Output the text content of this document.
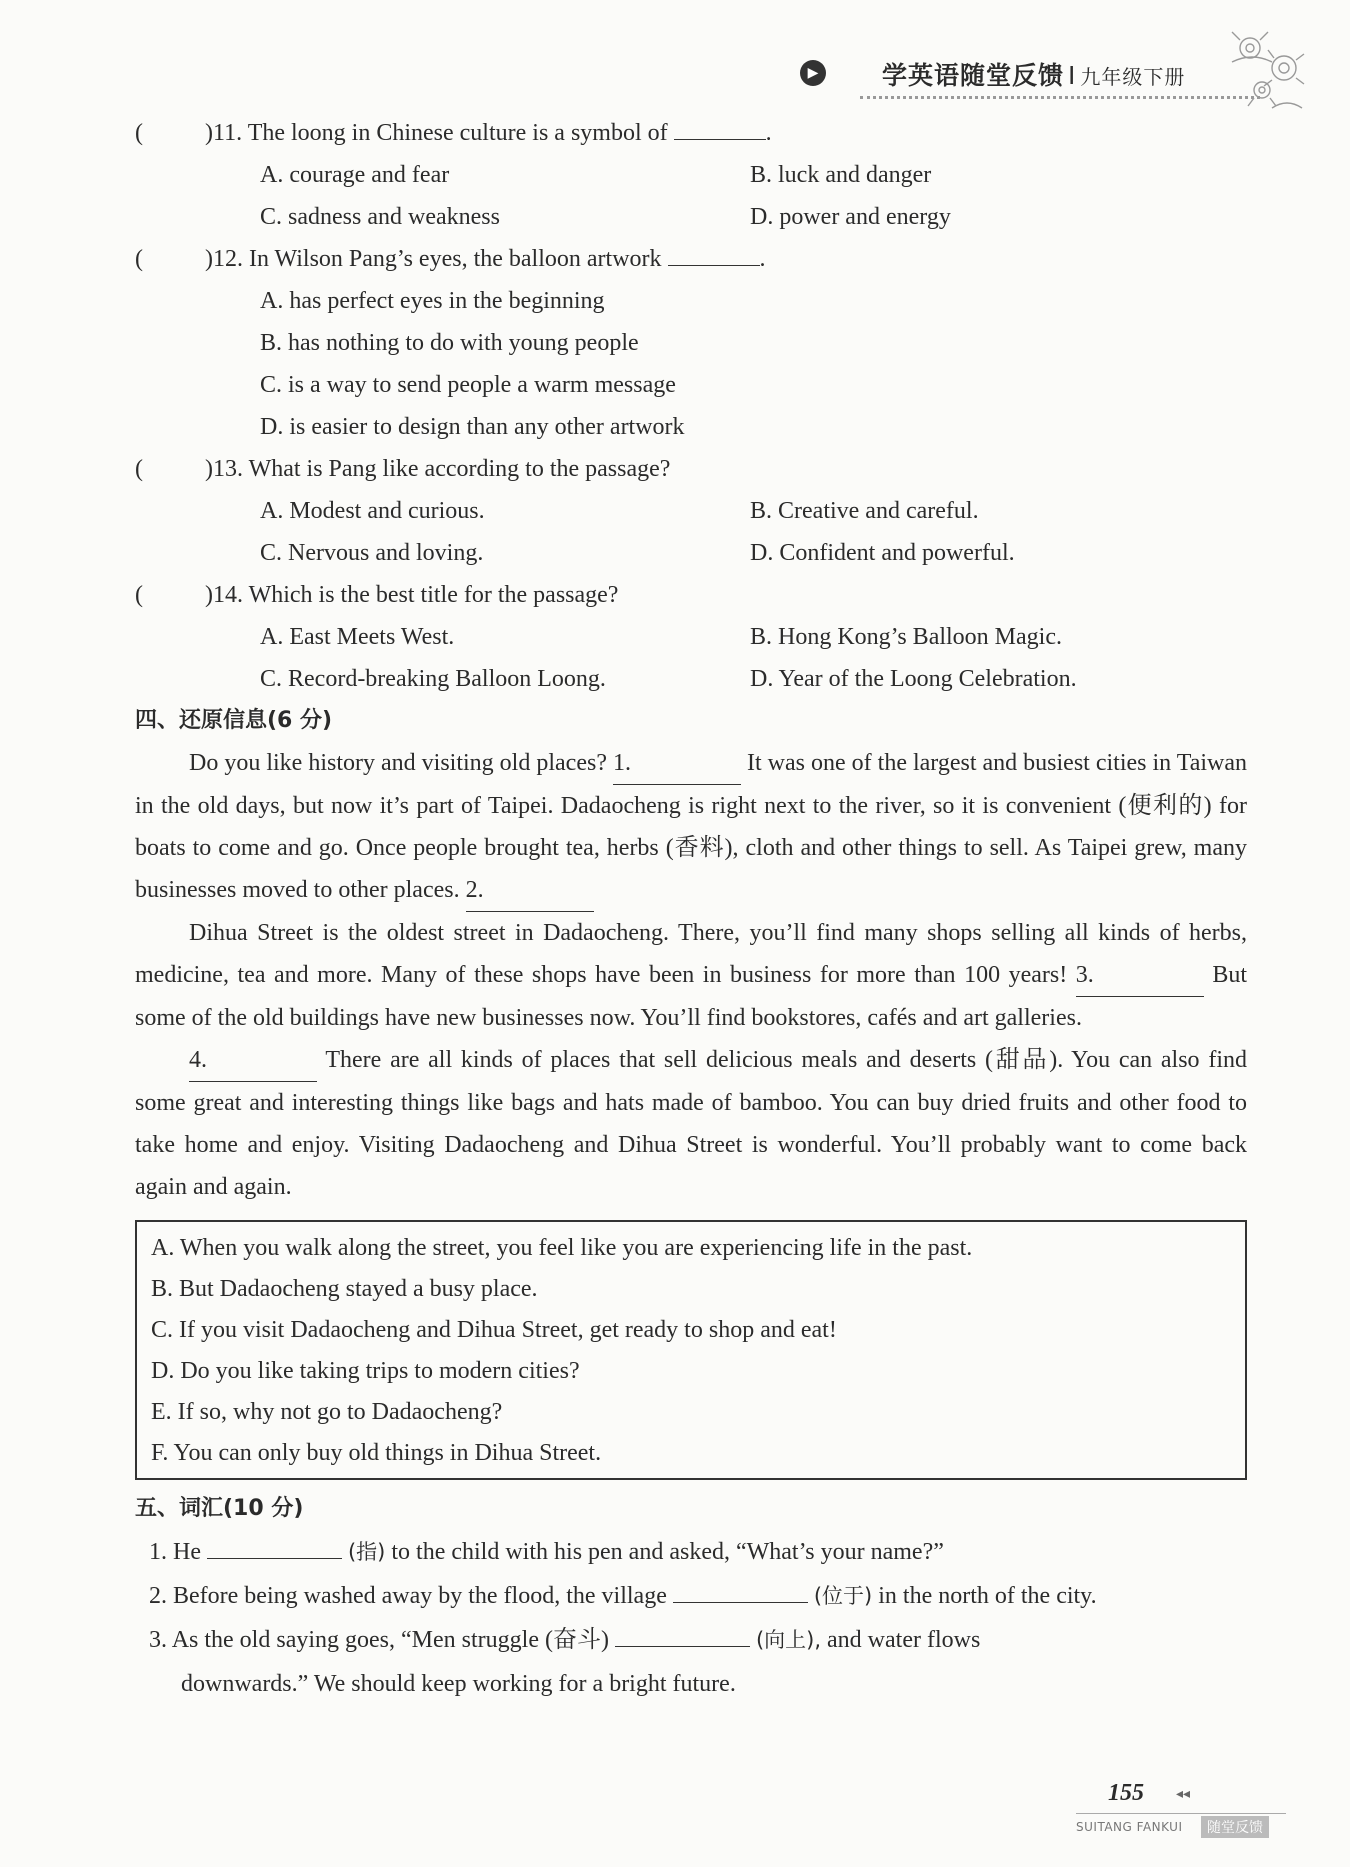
▶	学英语随堂反馈 I 九年级下册
(	)11. The loong in Chinese culture is a symbol of	.
A. courage and fear	B. luck and danger
C. sadness and weakness	D. power and energy
(	)12. In Wilson Pang’s eyes, the balloon artwork	.
A. has perfect eyes in the beginning
B. has nothing to do with young people
C. is a way to send people a warm message
D. is easier to design than any other artwork
(	)13. What is Pang like according to the passage?
A. Modest and curious.	B. Creative and careful.
C. Nervous and loving.	D. Confident and powerful.
(	)14. Which is the best title for the passage?
A. East Meets West.	B. Hong Kong’s Balloon Magic.
C. Record-breaking Balloon Loong.	D. Year of the Loong Celebration.
四、还原信息(6 分)

Do you like history and visiting old places? 1.	It was one of the largest and busiest cities in Taiwan in the old days, but now it’s part of Taipei. Dadaocheng is right next to the river, so it is convenient (便利的) for boats to come and go. Once people brought tea, herbs (香料), cloth and other things to sell. As Taipei grew, many businesses moved to other places. 2.

Dihua Street is the oldest street in Dadaocheng. There, you’ll find many shops selling all kinds of herbs, medicine, tea and more. Many of these shops have been in business for more than 100 years! 3.	But some of the old buildings have new businesses now. You’ll find bookstores, cafés and art galleries.

4.	There are all kinds of places that sell delicious meals and deserts (甜品). You can also find some great and interesting things like bags and hats made of bamboo. You can buy dried fruits and other food to take home and enjoy. Visiting Dadaocheng and Dihua Street is wonderful. You’ll probably want to come back again and again.

A. When you walk along the street, you feel like you are experiencing life in the past.
B. But Dadaocheng stayed a busy place.
C. If you visit Dadaocheng and Dihua Street, get ready to shop and eat!
D. Do you like taking trips to modern cities?
E. If so, why not go to Dadaocheng?
F. You can only buy old things in Dihua Street.
五、词汇(10 分)
1. He	(指) to the child with his pen and asked, “What’s your name?”
2. Before being washed away by the flood, the village	(位于) in the north of the city.
3. As the old saying goes, “Men struggle (奋斗)	(向上), and water flows
downwards.” We should keep working for a bright future.
155 ◂◂
SUITANG FANKUI	随堂反馈
